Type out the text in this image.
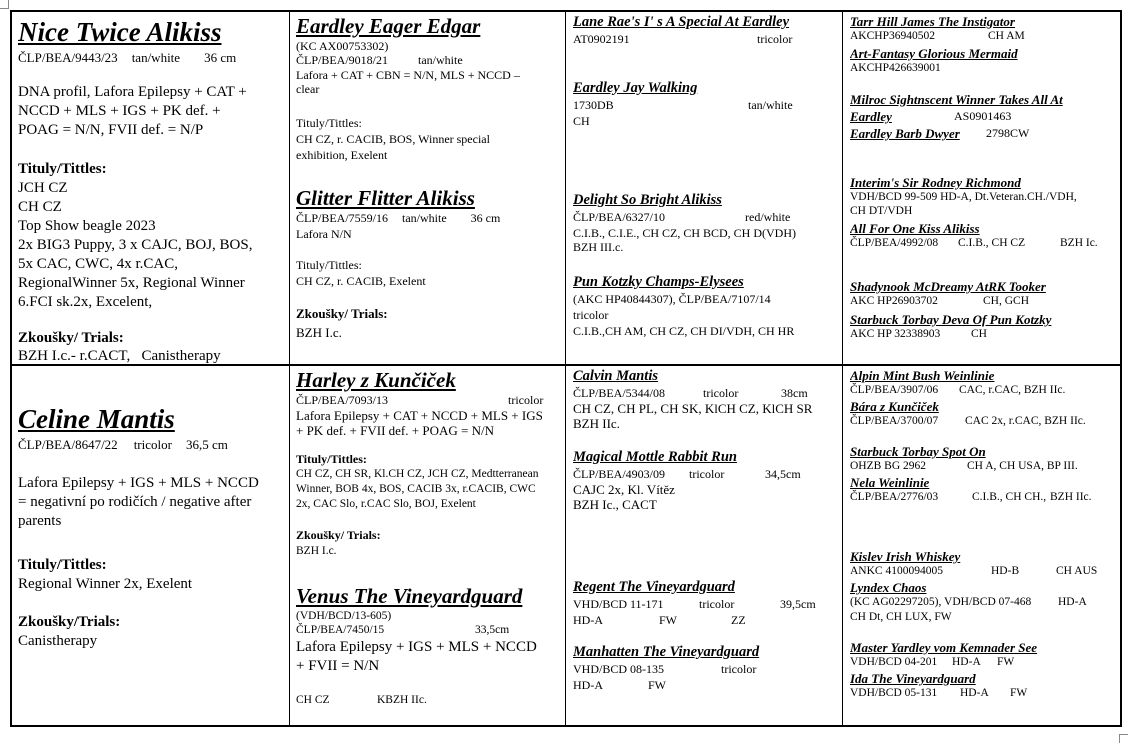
Nice Twice Alikiss
ČLP/BEA/9443/23 tan/white 36 cm
DNA profil, Lafora Epilepsy + CAT +
NCCD + MLS + IGS + PK def. +
POAG = N/N, FVII def. = N/P
Tituly/Tittles:
JCH CZ
CH CZ
Top Show beagle 2023
2x BIG3 Puppy, 3 x CAJC, BOJ, BOS,
5x CAC, CWC, 4x r.CAC,
RegionalWinner 5x, Regional Winner
6.FCI sk.2x, Excelent,
Zkoušky/ Trials:
BZH I.c.- r.CACT,   Canistherapy
Eardley Eager Edgar
(KC AX00753302)
ČLP/BEA/9018/21	tan/white
Lafora + CAT + CBN = N/N, MLS + NCCD –
clear
Tituly/Tittles:
CH CZ, r. CACIB, BOS, Winner special
exhibition, Exelent
Glitter Flitter Alikiss
ČLP/BEA/7559/16 tan/white 36 cm
Lafora N/N
Tituly/Tittles:
CH CZ, r. CACIB, Exelent
Zkoušky/ Trials:
BZH I.c.
Lane Rae's I' s A Special At Eardley
AT0902191	tricolor
Eardley Jay Walking
1730DB	tan/white
CH
Delight So Bright Alikiss
ČLP/BEA/6327/10	red/white
C.I.B., C.I.E., CH CZ, CH BCD, CH D(VDH)
BZH III.c.
Pun Kotzky Champs-Elysees
(AKC HP40844307), ČLP/BEA/7107/14
tricolor
C.I.B.,CH AM, CH CZ, CH DI/VDH, CH HR
Tarr Hill James The Instigator
AKCHP36940502	CH AM
Art-Fantasy Glorious Mermaid
AKCHP426639001
Milroc Sightnscent Winner Takes All At
Eardley	AS0901463
Eardley Barb Dwyer 2798CW
Interim's Sir Rodney Richmond
VDH/BCD 99-509 HD-A, Dt.Veteran.CH./VDH,
CH DT/VDH
All For One Kiss Alikiss
ČLP/BEA/4992/08 C.I.B., CH CZ	BZH Ic.
Shadynook McDreamy AtRK Tooker
AKC HP26903702	CH, GCH
Starbuck Torbay Deva Of Pun Kotzky
AKC HP 32338903	CH
Celine Mantis
ČLP/BEA/8647/22 tricolor 36,5 cm
Lafora Epilepsy + IGS + MLS + NCCD
= negativní po rodičích / negative after
parents
Tituly/Tittles:
Regional Winner 2x, Exelent
Zkoušky/Trials:
Canistherapy
Harley z Kunčiček
ČLP/BEA/7093/13	tricolor
Lafora Epilepsy + CAT + NCCD + MLS + IGS
+ PK def. + FVII def. + POAG = N/N
Tituly/Tittles:
CH CZ, CH SR, Kl.CH CZ, JCH CZ, Medtterranean
Winner, BOB 4x, BOS, CACIB 3x, r.CACIB, CWC
2x, CAC Slo, r.CAC Slo, BOJ, Exelent
Zkoušky/ Trials:
BZH I.c.
Venus The Vineyardguard
(VDH/BCD/13-605)
ČLP/BEA/7450/15	33,5cm
Lafora Epilepsy + IGS + MLS + NCCD
+ FVII = N/N
CH CZ	KBZH IIc.
Calvin Mantis
ČLP/BEA/5344/08	tricolor	38cm
CH CZ, CH PL, CH SK, KlCH CZ, KlCH SR
BZH IIc.
Magical Mottle Rabbit Run
ČLP/BEA/4903/09 tricolor	34,5cm
CAJC 2x, Kl. Vítěz
BZH Ic., CACT
Regent The Vineyardguard
VHD/BCD 11-171	tricolor	39,5cm
HD-A	FW	ZZ
Manhatten The Vineyardguard
VHD/BCD 08-135	tricolor
HD-A	FW
Alpin Mint Bush Weinlinie
ČLP/BEA/3907/06 CAC, r.CAC, BZH IIc.
Bára z Kunčiček
ČLP/BEA/3700/07 CAC 2x, r.CAC, BZH IIc.
Starbuck Torbay Spot On
OHZB BG 2962	CH A, CH USA, BP III.
Nela Weinlinie
ČLP/BEA/2776/03	C.I.B., CH CH., BZH IIc.
Kislev Irish Whiskey
ANKC 4100094005	HD-B	CH AUS
Lyndex Chaos
(KC AG02297205), VDH/BCD 07-468 HD-A
CH Dt, CH LUX, FW
Master Yardley vom Kemnader See
VDH/BCD 04-201 HD-A FW
Ida The Vineyardguard
VDH/BCD 05-131 HD-A FW
